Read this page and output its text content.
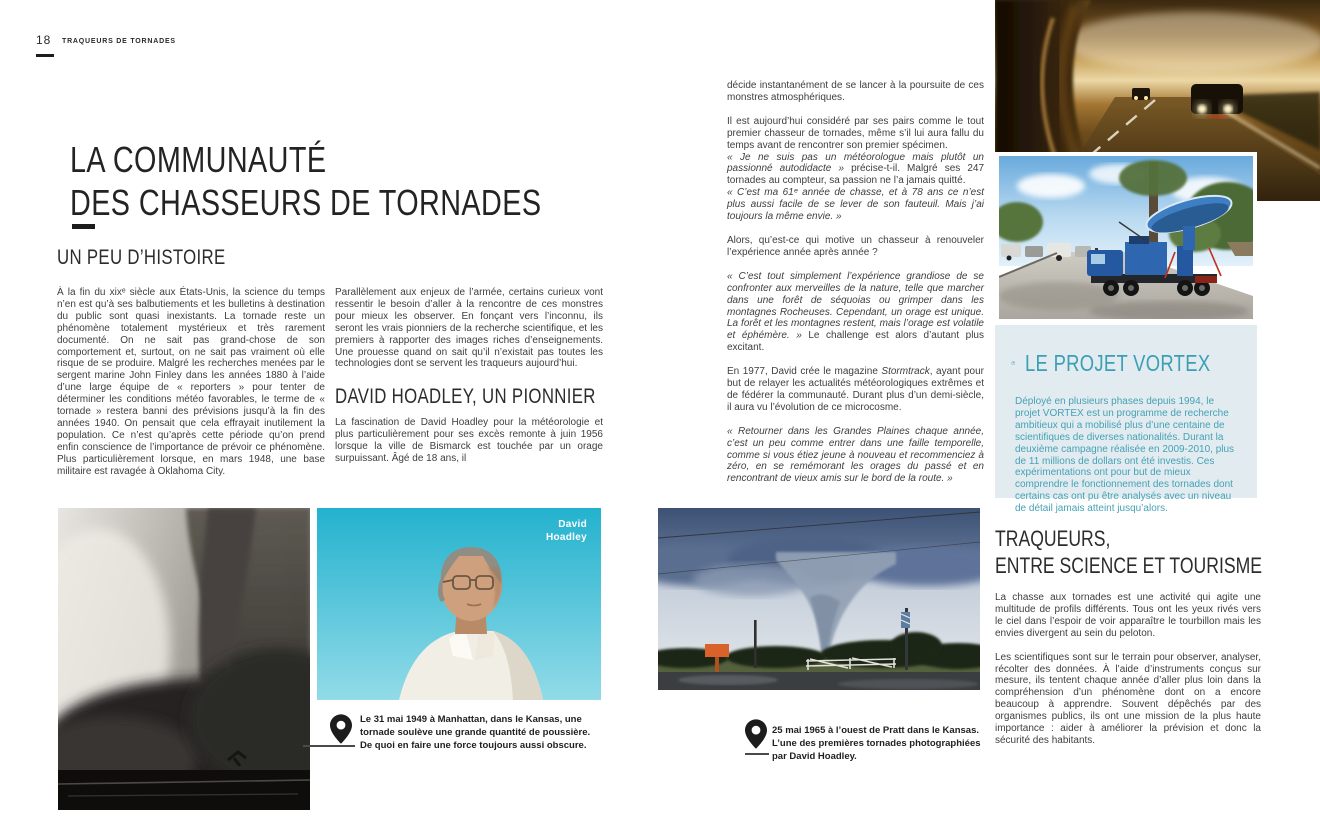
18 TRAQUEURS DE TORNADES
LA COMMUNAUTÉ
DES CHASSEURS DE TORNADES
UN PEU D’HISTOIRE

À la fin du xixᵉ siècle aux États-Unis, la science du temps n’en est qu’à ses balbutiements et les bulletins à destination du public sont quasi inexistants. La tornade reste un phénomène totalement mystérieux et très rarement documenté. On ne sait pas grand-chose de son comportement et, surtout, on ne sait pas vraiment où elle risque de se produire. Malgré les recherches menées par le sergent marine John Finley dans les années 1880 à l’aide d’une large équipe de « reporters » pour tenter de déterminer les conditions météo favorables, le terme de « tornade » restera banni des prévisions jusqu’à la fin des années 1940. On pensait que cela effrayait inutilement la population. Ce n’est qu’après cette période qu’on prend enfin conscience de l’importance de prévoir ce phénomène. Plus particulièrement lorsque, en mars 1948, une base militaire est ravagée à Oklahoma City.

Parallèlement aux enjeux de l’armée, certains curieux vont ressentir le besoin d’aller à la rencontre de ces monstres pour mieux les observer. En fonçant vers l’inconnu, ils seront les vrais pionniers de la recherche scientifique, et les premiers à rapporter des images riches d’enseignements. Une prouesse quand on sait qu’il n’existait pas toutes les technologies dont se servent les traqueurs aujourd’hui.

DAVID HOADLEY, UN PIONNIER

La fascination de David Hoadley pour la météorologie et plus particulièrement pour ses excès remonte à juin 1956 lorsque la ville de Bismarck est touchée par un orage surpuissant. Âgé de 18 ans, il

décide instantanément de se lancer à la poursuite de ces monstres atmosphériques.

Il est aujourd’hui considéré par ses pairs comme le tout premier chasseur de tornades, même s’il lui aura fallu du temps avant de rencontrer son premier spécimen.

« Je ne suis pas un météorologue mais plutôt un passionné autodidacte » précise-t-il. Malgré ses 247 tornades au compteur, sa passion ne l’a jamais quitté.

« C’est ma 61ᵉ année de chasse, et à 78 ans ce n’est plus aussi facile de se lever de son fauteuil. Mais j’ai toujours la même envie. »

Alors, qu’est-ce qui motive un chasseur à renouveler l’expérience année après année ?

« C’est tout simplement l’expérience grandiose de se confronter aux merveilles de la nature, telle que marcher dans une forêt de séquoias ou grimper dans les montagnes Rocheuses. Cependant, un orage est unique. La forêt et les montagnes restent, mais l’orage est volatile et éphémère. » Le challenge est alors d’autant plus excitant.

En 1977, David crée le magazine Stormtrack, ayant pour but de relayer les actualités météorologiques extrêmes et de fédérer la communauté. Durant plus d’un demi-siècle, il aura vu l’évolution de ce microcosme.

« Retourner dans les Grandes Plaines chaque année, c’est un peu comme entrer dans une faille temporelle, comme si vous étiez jeune à nouveau et recommenciez à zéro, en se remémorant les orages du passé et en rencontrant de vieux amis sur le bord de la route. »

LE PROJET VORTEX
Déployé en plusieurs phases depuis 1994, le projet VORTEX est un programme de recherche ambitieux qui a mobilisé plus d’une centaine de scientifiques de diverses nationalités. Durant la deuxième campagne réalisée en 2009-2010, plus de 11 millions de dollars ont été investis. Ces expérimentations ont pour but de mieux comprendre le fonctionnement des tornades dont certains cas ont pu être analysés avec un niveau de détail jamais atteint jusqu’alors.
TRAQUEURS,
ENTRE SCIENCE ET TOURISME

La chasse aux tornades est une activité qui agite une multitude de profils différents. Tous ont les yeux rivés vers le ciel dans l’espoir de voir apparaître le tourbillon mais les envies divergent au sein du peloton.

Les scientifiques sont sur le terrain pour observer, analyser, récolter des données. À l’aide d’instruments conçus sur mesure, ils tentent chaque année d’aller plus loin dans la compréhension d’un phénomène dont on a encore beaucoup à apprendre. Souvent dépêchés par des organismes publics, ils ont une mission de la plus haute importance : aider à améliorer la prévision et donc la sécurité des habitants.

David
Hoadley
Le 31 mai 1949 à Manhattan, dans le Kansas, une tornade soulève une grande quantité de poussière. De quoi en faire une force toujours aussi obscure.
25 mai 1965 à l’ouest de Pratt dans le Kansas. L’une des premières tornades photographiées par David Hoadley.
